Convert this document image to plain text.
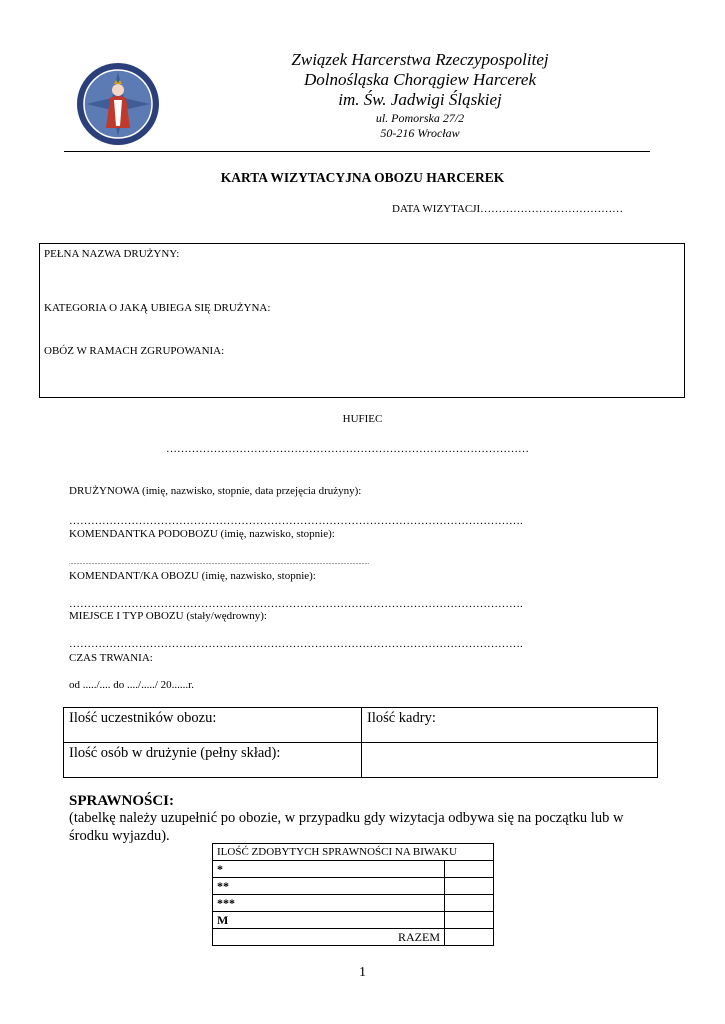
Związek Harcerstwa Rzeczypospolitej
Dolnośląska Chorągiew Harcerek
im. Św. Jadwigi Śląskiej
ul. Pomorska 27/2
50-216 Wrocław
KARTA WIZYTACYJNA OBOZU HARCEREK
DATA WIZYTACJI…………………………………
PEŁNA NAZWA DRUŻYNY:
KATEGORIA O JAKĄ UBIEGA SIĘ DRUŻYNA:
OBÓZ W RAMACH ZGRUPOWANIA:
HUFIEC
………………………………………………………………………………………
DRUŻYNOWA (imię, nazwisko, stopnie, data przejęcia drużyny):
…………………………………………………………………………………………………………….
KOMENDANTKA PODOBOZU (imię, nazwisko, stopnie):
........................................................................................................................................................................................................
KOMENDANT/KA OBOZU (imię, nazwisko, stopnie):
…………………………………………………………………………………………………………….
MIEJSCE I TYP OBOZU (stały/wędrowny):
…………………………………………………………………………………………………………….
CZAS TRWANIA:
od ...../.... do ..../...../ 20......r.
Ilość uczestników obozu:	Ilość kadry:
Ilość osób w drużynie (pełny skład):	
SPRAWNOŚCI:
(tabelkę należy uzupełnić po obozie, w przypadku gdy wizytacja odbywa się na początku lub w środku wyjazdu).
ILOŚĆ ZDOBYTYCH SPRAWNOŚCI NA BIWAKU	
*	
**	
***	
M	
RAZEM	
1
